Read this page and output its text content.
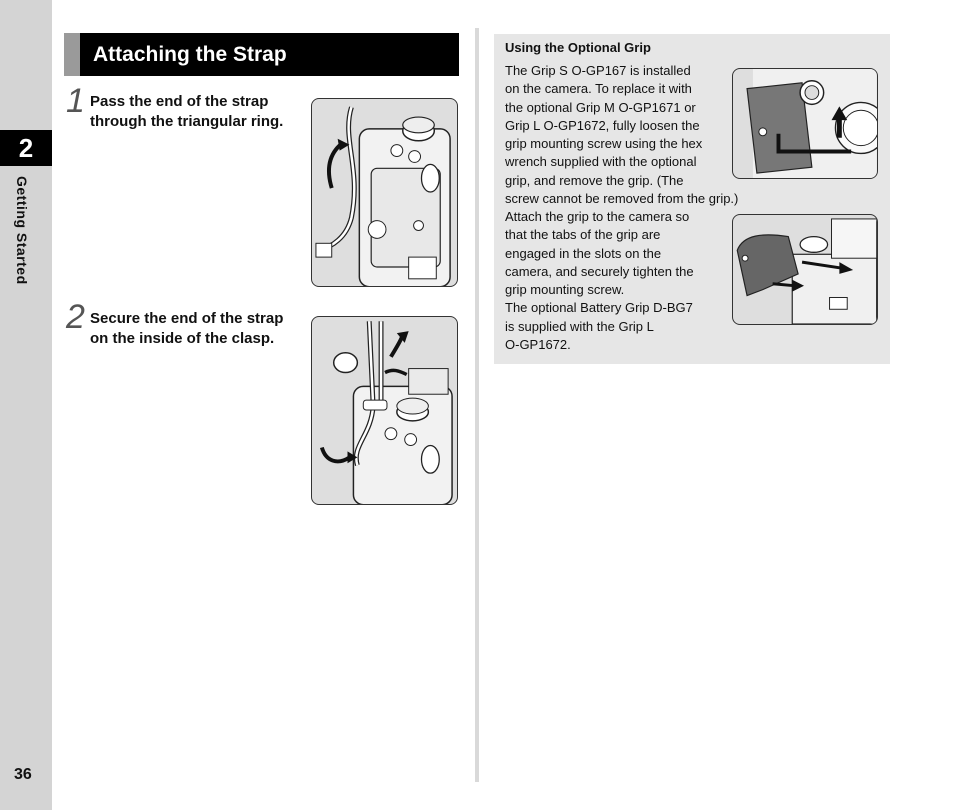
2
Getting Started
36
Attaching the Strap
1 Pass the end of the strap
through the triangular ring.
2 Secure the end of the strap
on the inside of the clasp.
Using the Optional Grip
The Grip S O-GP167 is installed
on the camera. To replace it with
the optional Grip M O-GP1671 or
Grip L O-GP1672, fully loosen the
grip mounting screw using the hex
wrench supplied with the optional
grip, and remove the grip. (The
screw cannot be removed from the grip.)
Attach the grip to the camera so
that the tabs of the grip are
engaged in the slots on the
camera, and securely tighten the
grip mounting screw.
The optional Battery Grip D-BG7
is supplied with the Grip L
O-GP1672.
